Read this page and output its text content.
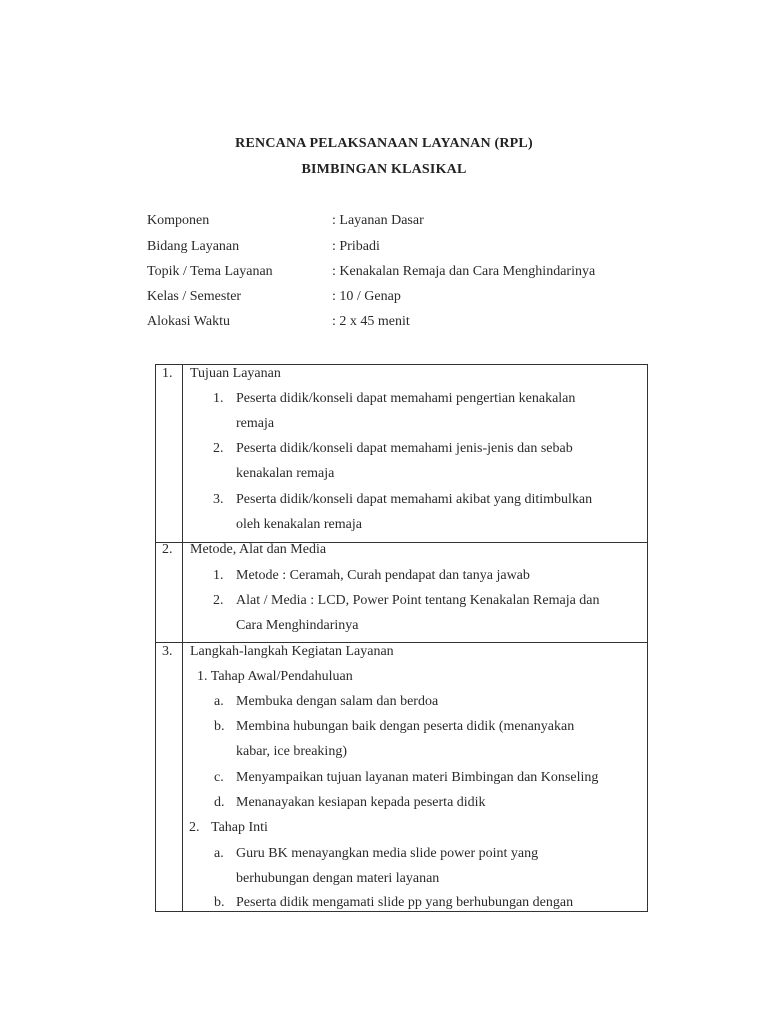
RENCANA PELAKSANAAN LAYANAN (RPL)
BIMBINGAN KLASIKAL
Komponen	: Layanan Dasar
Bidang Layanan	: Pribadi
Topik / Tema Layanan	: Kenakalan Remaja dan Cara Menghindarinya
Kelas / Semester	: 10 / Genap
Alokasi Waktu	: 2 x 45 menit
1. Tujuan Layanan
1. Peserta didik/konseli dapat memahami pengertian kenakalan
remaja
2. Peserta didik/konseli dapat memahami jenis-jenis dan sebab
kenakalan remaja
3. Peserta didik/konseli dapat memahami akibat yang ditimbulkan
oleh kenakalan remaja
2. Metode, Alat dan Media
1. Metode : Ceramah, Curah pendapat dan tanya jawab
2. Alat / Media : LCD, Power Point tentang Kenakalan Remaja dan
Cara Menghindarinya
3. Langkah-langkah Kegiatan Layanan
1. Tahap Awal/Pendahuluan
a. Membuka dengan salam dan berdoa
b. Membina hubungan baik dengan peserta didik (menanyakan
kabar, ice breaking)
c. Menyampaikan tujuan layanan materi Bimbingan dan Konseling
d. Menanayakan kesiapan kepada peserta didik
2. Tahap Inti
a. Guru BK menayangkan media slide power point yang
berhubungan dengan materi layanan
b. Peserta didik mengamati slide pp yang berhubungan dengan
